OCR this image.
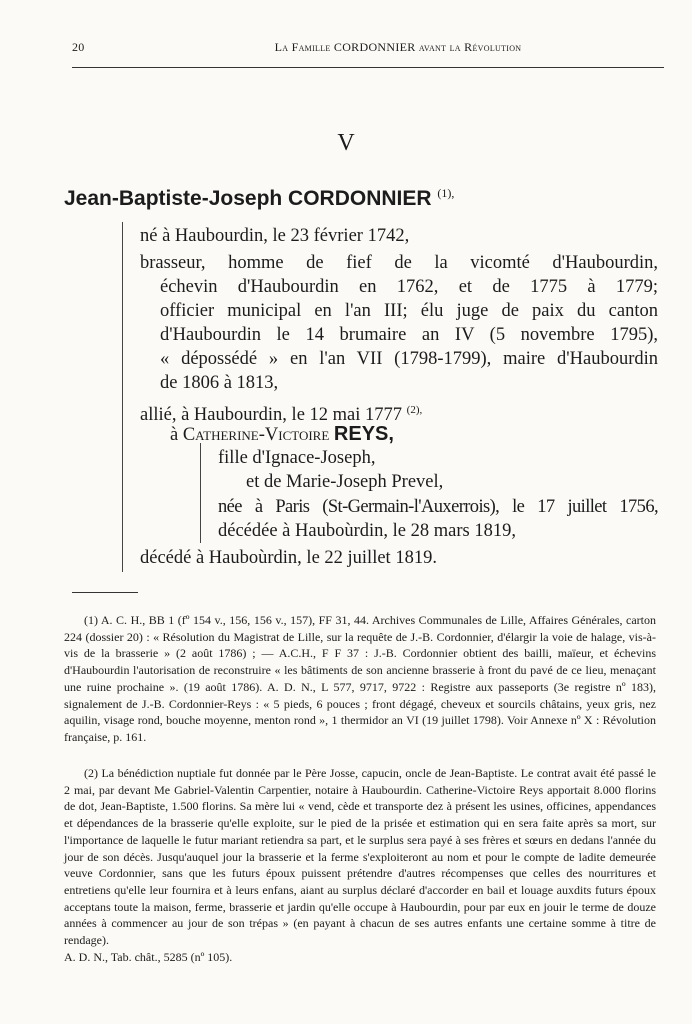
20	La Famille CORDONNIER avant la Révolution
V
Jean-Baptiste-Joseph CORDONNIER $^{(1),}$
né à Haubourdin, le 23 février 1742,
brasseur, homme de fief de la vicomté d'Haubourdin,
échevin d'Haubourdin en 1762, et de 1775 à 1779;
officier municipal en l'an III; élu juge de paix du canton
d'Haubourdin le 14 brumaire an IV (5 novembre 1795),
« dépossédé » en l'an VII (1798-1799), maire d'Haubourdin
de 1806 à 1813,
allié, à Haubourdin, le 12 mai 1777 $^{(2),}$
à Catherine-Victoire REYS,
fille d'Ignace-Joseph,
et de Marie-Joseph Prevel,
née à Paris (St-Germain-l'Auxerrois), le 17 juillet 1756,
décédée à Hauboùrdin, le 28 mars 1819,
décédé à Hauboùrdin, le 22 juillet 1819.

(1) A. C. H., BB 1 (fº 154 v., 156, 156 v., 157), FF 31, 44. Archives Communales de Lille, Affaires Générales, carton 224 (dossier 20) : « Résolution du Magistrat de Lille, sur la requête de J.-B. Cordonnier, d'élargir la voie de halage, vis-à-vis de la brasserie » (2 août 1786) ; — A.C.H., F F 37 : J.-B. Cordonnier obtient des bailli, maïeur, et échevins d'Haubourdin l'autorisation de reconstruire « les bâtiments de son ancienne brasserie à front du pavé de ce lieu, menaçant une ruine prochaine ». (19 août 1786). A. D. N., L 577, 9717, 9722 : Registre aux passeports (3e registre nº 183), signalement de J.-B. Cordonnier-Reys : « 5 pieds, 6 pouces ; front dégagé, cheveux et sourcils châtains, yeux gris, nez aquilin, visage rond, bouche moyenne, menton rond », 1 thermidor an VI (19 juillet 1798). Voir Annexe nº X : Révolution française, p. 161.

(2) La bénédiction nuptiale fut donnée par le Père Josse, capucin, oncle de Jean-Baptiste. Le contrat avait été passé le 2 mai, par devant Me Gabriel-Valentin Carpentier, notaire à Haubourdin. Catherine-Victoire Reys apportait 8.000 florins de dot, Jean-Baptiste, 1.500 florins. Sa mère lui « vend, cède et transporte dez à présent les usines, officines, appendances et dépendances de la brasserie qu'elle exploite, sur le pied de la prisée et estimation qui en sera faite après sa mort, sur l'importance de laquelle le futur mariant retiendra sa part, et le surplus sera payé à ses frères et sœurs en dedans l'année du jour de son décès. Jusqu'auquel jour la brasserie et la ferme s'exploiteront au nom et pour le compte de ladite demeurée veuve Cordonnier, sans que les futurs époux puissent prétendre d'autres récompenses que celles des nourritures et entretiens qu'elle leur fournira et à leurs enfans, aiant au surplus déclaré d'accorder en bail et louage auxdits futurs époux acceptans toute la maison, ferme, brasserie et jardin qu'elle occupe à Haubourdin, pour par eux en jouir le terme de douze années à commencer au jour de son trépas » (en payant à chacun de ses autres enfants une certaine somme à titre de rendage).

A. D. N., Tab. chât., 5285 (nº 105).
